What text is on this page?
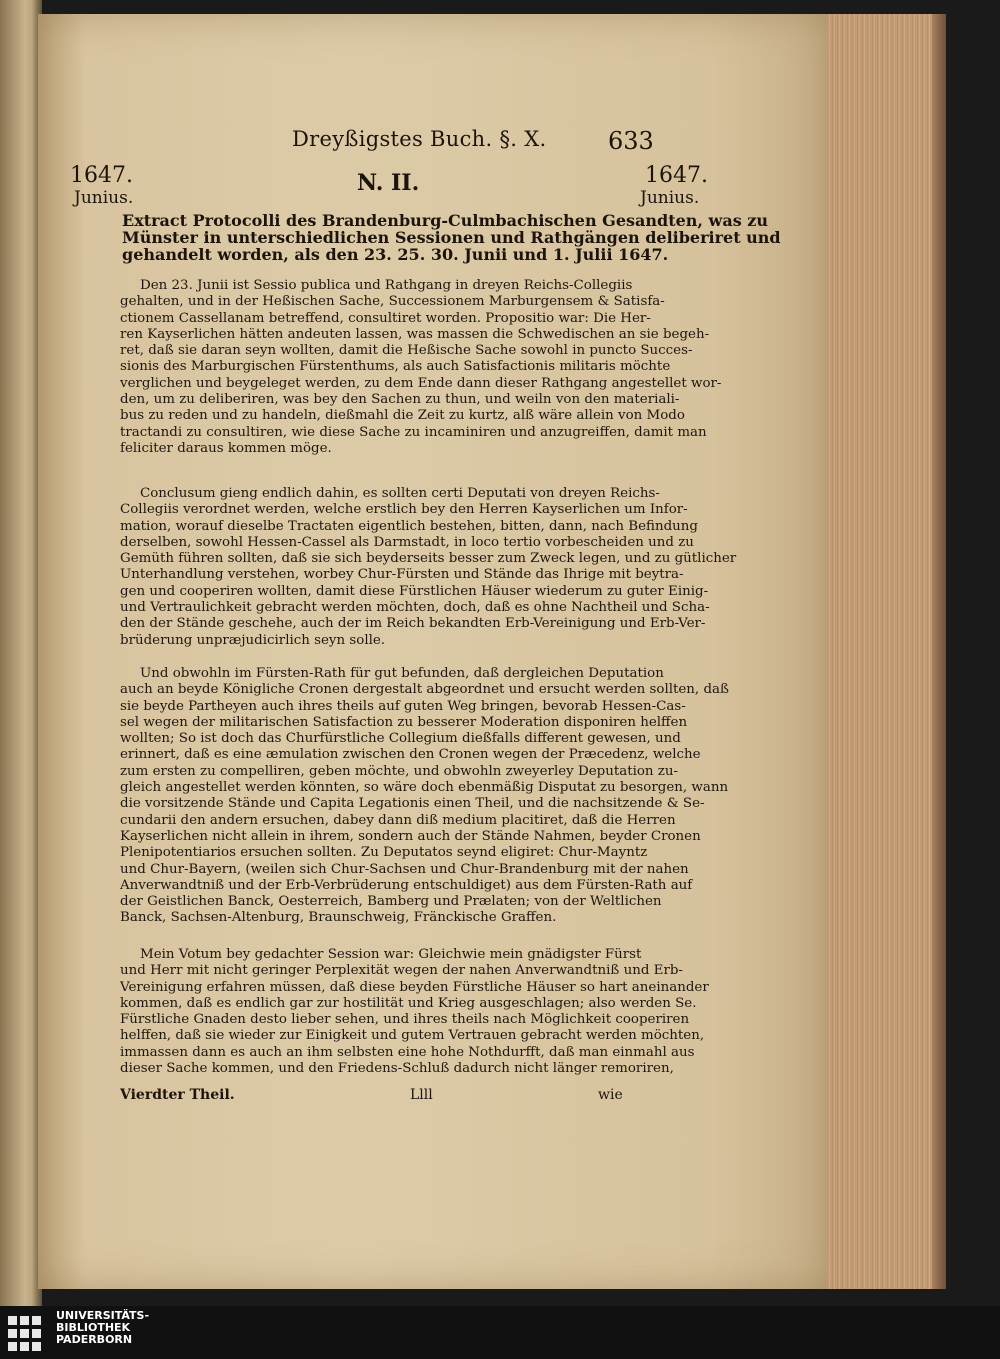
Dreyßigstes Buch. §. X.	633
1647.
Junius.
1647.
Junius.
N. II.
Extract Protocolli des Brandenburg-Culmbachischen Gesandten, was zu
Münster in unterschiedlichen Sessionen und Rathgängen deliberiret und
gehandelt worden, als den 23. 25. 30. Junii und 1. Julii 1647.
Den 23. Junii ist Sessio publica und Rathgang in dreyen Reichs-Collegiis
gehalten, und in der Heßischen Sache, Successionem Marburgensem & Satisfa-
ctionem Cassellanam betreffend, consultiret worden. Propositio war: Die Her-
ren Kayserlichen hätten andeuten lassen, was massen die Schwedischen an sie begeh-
ret, daß sie daran seyn wollten, damit die Heßische Sache sowohl in puncto Succes-
sionis des Marburgischen Fürstenthums, als auch Satisfactionis militaris möchte
verglichen und beygeleget werden, zu dem Ende dann dieser Rathgang angestellet wor-
den, um zu deliberiren, was bey den Sachen zu thun, und weiln von den materiali-
bus zu reden und zu handeln, dießmahl die Zeit zu kurtz, alß wäre allein von Modo
tractandi zu consultiren, wie diese Sache zu incaminiren und anzugreiffen, damit man
feliciter daraus kommen möge.
Conclusum gieng endlich dahin, es sollten certi Deputati von dreyen Reichs-
Collegiis verordnet werden, welche erstlich bey den Herren Kayserlichen um Infor-
mation, worauf dieselbe Tractaten eigentlich bestehen, bitten, dann, nach Befindung
derselben, sowohl Hessen-Cassel als Darmstadt, in loco tertio vorbescheiden und zu
Gemüth führen sollten, daß sie sich beyderseits besser zum Zweck legen, und zu gütlicher
Unterhandlung verstehen, worbey Chur-Fürsten und Stände das Ihrige mit beytra-
gen und cooperiren wollten, damit diese Fürstlichen Häuser wiederum zu guter Einig-
und Vertraulichkeit gebracht werden möchten, doch, daß es ohne Nachtheil und Scha-
den der Stände geschehe, auch der im Reich bekandten Erb-Vereinigung und Erb-Ver-
brüderung unpræjudicirlich seyn solle.
Und obwohln im Fürsten-Rath für gut befunden, daß dergleichen Deputation
auch an beyde Königliche Cronen dergestalt abgeordnet und ersucht werden sollten, daß
sie beyde Partheyen auch ihres theils auf guten Weg bringen, bevorab Hessen-Cas-
sel wegen der militarischen Satisfaction zu besserer Moderation disponiren helffen
wollten; So ist doch das Churfürstliche Collegium dießfalls different gewesen, und
erinnert, daß es eine æmulation zwischen den Cronen wegen der Præcedenz, welche
zum ersten zu compelliren, geben möchte, und obwohln zweyerley Deputation zu-
gleich angestellet werden könnten, so wäre doch ebenmäßig Disputat zu besorgen, wann
die vorsitzende Stände und Capita Legationis einen Theil, und die nachsitzende & Se-
cundarii den andern ersuchen, dabey dann diß medium placitiret, daß die Herren
Kayserlichen nicht allein in ihrem, sondern auch der Stände Nahmen, beyder Cronen
Plenipotentiarios ersuchen sollten. Zu Deputatos seynd eligiret: Chur-Mayntz
und Chur-Bayern, (weilen sich Chur-Sachsen und Chur-Brandenburg mit der nahen
Anverwandtniß und der Erb-Verbrüderung entschuldiget) aus dem Fürsten-Rath auf
der Geistlichen Banck, Oesterreich, Bamberg und Prælaten; von der Weltlichen
Banck, Sachsen-Altenburg, Braunschweig, Fränckische Graffen.
Mein Votum bey gedachter Session war: Gleichwie mein gnädigster Fürst
und Herr mit nicht geringer Perplexität wegen der nahen Anverwandtniß und Erb-
Vereinigung erfahren müssen, daß diese beyden Fürstliche Häuser so hart aneinander
kommen, daß es endlich gar zur hostilität und Krieg ausgeschlagen; also werden Se.
Fürstliche Gnaden desto lieber sehen, und ihres theils nach Möglichkeit cooperiren
helffen, daß sie wieder zur Einigkeit und gutem Vertrauen gebracht werden möchten,
immassen dann es auch an ihm selbsten eine hohe Nothdurfft, daß man einmahl aus
dieser Sache kommen, und den Friedens-Schluß dadurch nicht länger remoriren,
Vierdter Theil.	Llll	wie
UNIVERSITÄTS-
BIBLIOTHEK
PADERBORN
